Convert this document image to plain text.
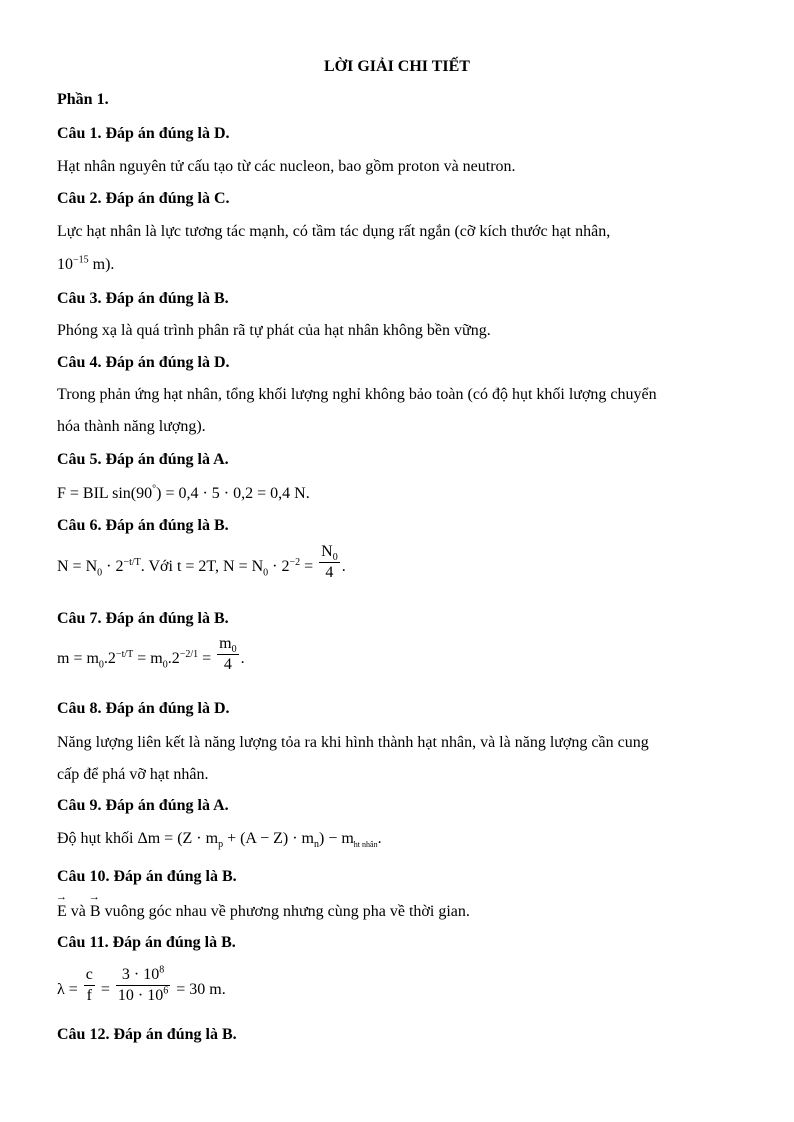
LỜI GIẢI CHI TIẾT
Phần 1.
Câu 1. Đáp án đúng là D.
Hạt nhân nguyên tử cấu tạo từ các nucleon, bao gồm proton và neutron.
Câu 2. Đáp án đúng là C.
Lực hạt nhân là lực tương tác mạnh, có tầm tác dụng rất ngắn (cỡ kích thước hạt nhân,
$10^{-15}$ m).
Câu 3. Đáp án đúng là B.
Phóng xạ là quá trình phân rã tự phát của hạt nhân không bền vững.
Câu 4. Đáp án đúng là D.
Trong phản ứng hạt nhân, tổng khối lượng nghỉ không bảo toàn (có độ hụt khối lượng chuyển
hóa thành năng lượng).
Câu 5. Đáp án đúng là A.
F = BIL sin(90°) = 0,4 · 5 · 0,2 = 0,4 N.
Câu 6. Đáp án đúng là B.
$N = N_0 \cdot 2^{-t/T}$. Với t = 2T, $N = N_0 \cdot 2^{-2} = \frac{N_0}{4}$ .
Câu 7. Đáp án đúng là B.
$m = m_0.2^{-t/T} = m_0.2^{-2/1} = \frac{m_0}{4}$ .
Câu 8. Đáp án đúng là D.
Năng lượng liên kết là năng lượng tỏa ra khi hình thành hạt nhân, và là năng lượng cần cung
cấp để phá vỡ hạt nhân.
Câu 9. Đáp án đúng là A.
Độ hụt khối $\Delta m = (Z \cdot m_p + (A - Z) \cdot m_n) - m_{ht nhân}$.
Câu 10. Đáp án đúng là B.
→ E và → B vuông góc nhau về phương nhưng cùng pha về thời gian.
Câu 11. Đáp án đúng là B.
$\lambda = \frac{c}{f} = \frac{3 \cdot 10^8}{10 \cdot 10^6} = 30$ m.
Câu 12. Đáp án đúng là B.
